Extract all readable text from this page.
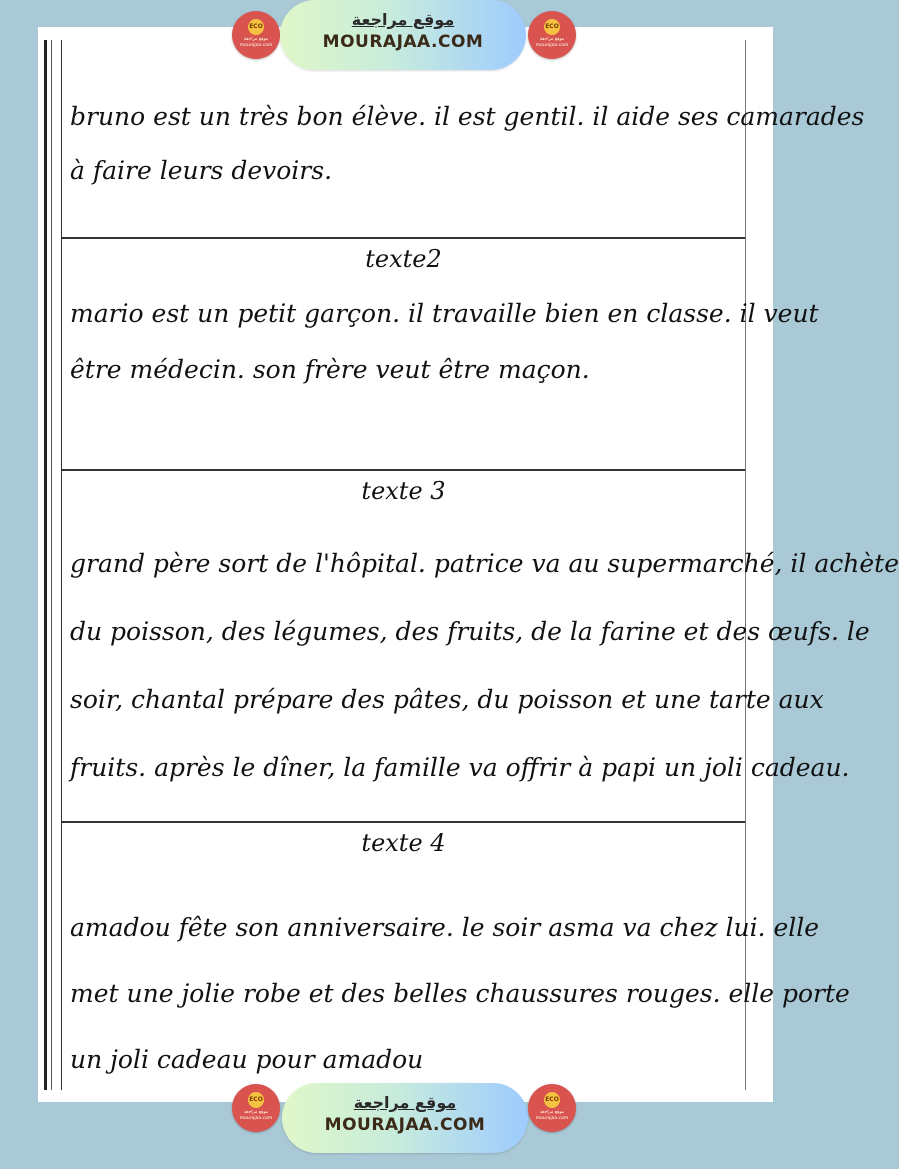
bruno est un très bon élève. il est gentil. il aide ses camarades
à faire leurs devoirs.
texte2
mario est un petit garçon. il travaille bien en classe. il veut
être médecin. son frère veut être maçon.
texte 3
grand père sort de l'hôpital. patrice va au supermarché, il achète
du poisson, des légumes, des fruits, de la farine et des œufs. le
soir, chantal prépare des pâtes, du poisson et une tarte aux
fruits. après le dîner, la famille va offrir à papi un joli cadeau.
texte 4
amadou fête son anniversaire. le soir asma va chez lui. elle
met une jolie robe et des belles chaussures rouges. elle porte
un joli cadeau pour amadou
ECO
موقع مراجعة mourajaa.com
موقع مراجعة
MOURAJAA.COM
ECO
موقع مراجعة mourajaa.com
ECO
موقع مراجعة mourajaa.com
موقع مراجعة
MOURAJAA.COM
ECO
موقع مراجعة mourajaa.com
